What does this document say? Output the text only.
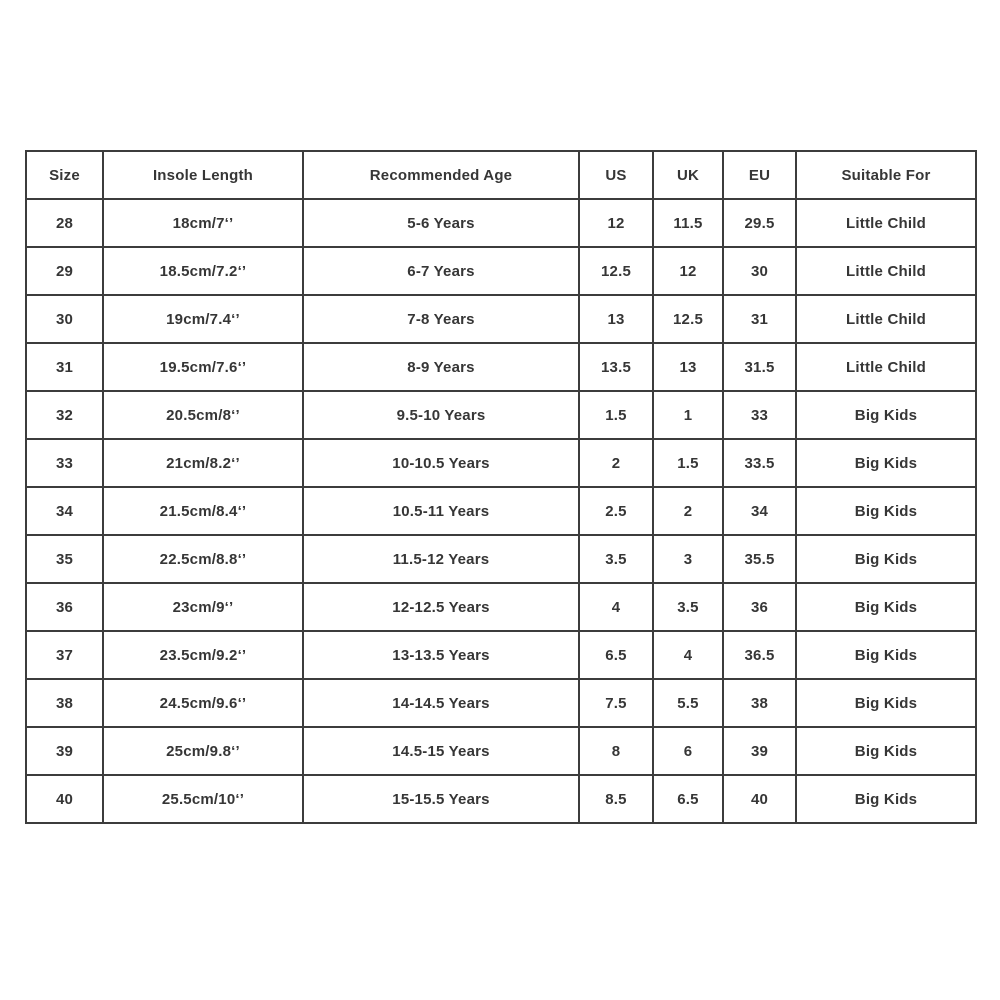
Size	Insole Length	Recommended Age	US	UK	EU	Suitable For
28	18cm/7‘’	5-6 Years	12	11.5	29.5	Little Child
29	18.5cm/7.2‘’	6-7 Years	12.5	12	30	Little Child
30	19cm/7.4‘’	7-8 Years	13	12.5	31	Little Child
31	19.5cm/7.6‘’	8-9 Years	13.5	13	31.5	Little Child
32	20.5cm/8‘’	9.5-10 Years	1.5	1	33	Big Kids
33	21cm/8.2‘’	10-10.5 Years	2	1.5	33.5	Big Kids
34	21.5cm/8.4‘’	10.5-11 Years	2.5	2	34	Big Kids
35	22.5cm/8.8‘’	11.5-12 Years	3.5	3	35.5	Big Kids
36	23cm/9‘’	12-12.5 Years	4	3.5	36	Big Kids
37	23.5cm/9.2‘’	13-13.5 Years	6.5	4	36.5	Big Kids
38	24.5cm/9.6‘’	14-14.5 Years	7.5	5.5	38	Big Kids
39	25cm/9.8‘’	14.5-15 Years	8	6	39	Big Kids
40	25.5cm/10‘’	15-15.5 Years	8.5	6.5	40	Big Kids
